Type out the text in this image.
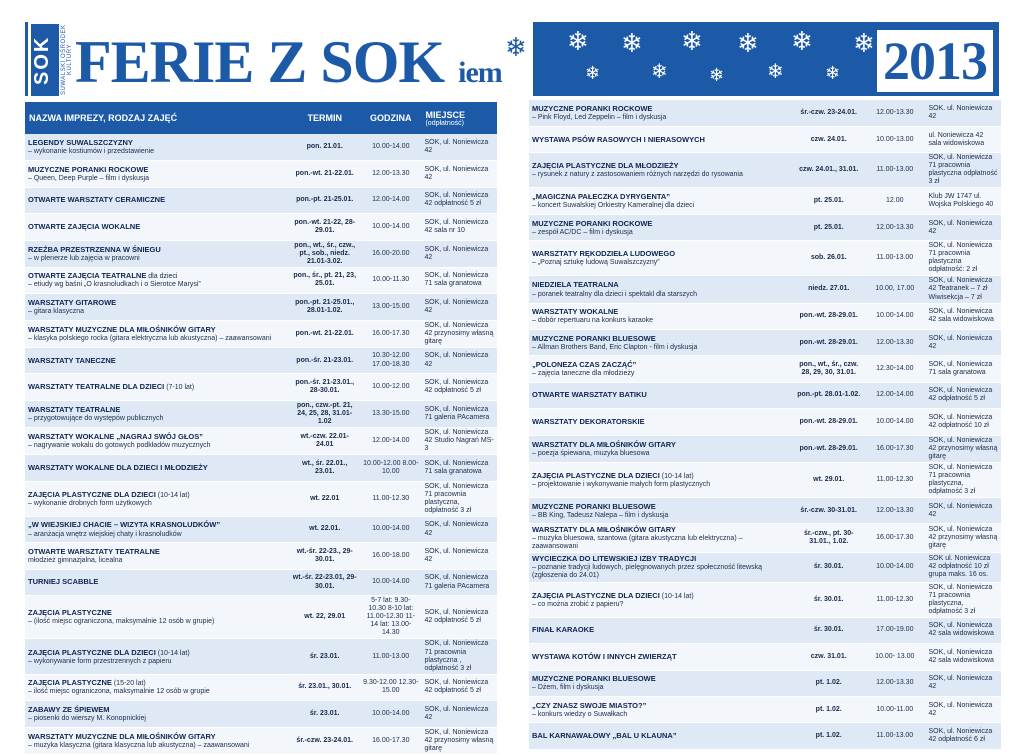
SOK	SUWALSKI OŚRODEK KULTURY FERIE Z SOK iem
❄ ❄
❄
❄
❄
❄
❄
❄
❄
❄
❄
❄ 2013
NAZWA IMPREZY, RODZAJ ZAJĘĆ	TERMIN	GODZINA	MIEJSCE
(odpłatność)

LEGENDY SUWALSZCZYZNY
– wykonanie kostiumów i przedstawienie	pon. 21.01.	10.00-14.00	SOK, ul. Noniewicza 42
MUZYCZNE PORANKI ROCKOWE
– Queen, Deep Purple – film i dyskusja	pon.-wt. 21-22.01.	12.00-13.30	SOK, ul. Noniewicza 42
OTWARTE WARSZTATY CERAMICZNE	pon.-pt. 21-25.01.	12.00-14.00	SOK, ul. Noniewicza 42 odpłatność 5 zł
OTWARTE ZAJĘCIA WOKALNE	pon.-wt. 21-22, 28-29.01.	10.00-14.00	SOK, ul. Noniewicza 42 sala nr 10
RZEŹBA PRZESTRZENNA W ŚNIEGU
– w plenerze lub zajęcia w pracowni	pon., wt., śr., czw., pt., sob., niedz. 21.01-3.02.	16.00-20.00	SOK, ul. Noniewicza 42
OTWARTE ZAJĘCIA TEATRALNE dla dzieci
– etiudy wg baśni „O krasnoludkach i o Sierotce Marysi”	pon., śr., pt. 21, 23, 25.01.	10.00-11.30	SOK, ul. Noniewicza 71 sala granatowa
WARSZTATY GITAROWE
– gitara klasyczna	pon.-pt. 21-25.01., 28.01-1.02.	13.00-15.00	SOK, ul. Noniewicza 42
WARSZTATY MUZYCZNE DLA MIŁOŚNIKÓW GITARY
– klasyka polskiego rocka (gitara elektryczna lub akustyczna) – zaawansowani	pon.-wt. 21-22.01.	16.00-17.30	SOK, ul. Noniewicza 42 przynosimy własną gitarę
WARSZTATY TANECZNE	pon.-śr. 21-23.01.	10.30-12.00 17.00-18.30	SOK, ul. Noniewicza 42
WARSZTATY TEATRALNE DLA DZIECI (7-10 lat)	pon.-śr. 21-23.01., 28-30.01.	10.00-12.00	SOK, ul. Noniewicza 42 odpłatność 5 zł
WARSZTATY TEATRALNE
– przygotowujące do występów publicznych	pon., czw.-pt. 21, 24, 25, 28, 31.01-1.02	13.30-15.00	SOK, ul. Noniewicza 71 galeria PAcamera
WARSZTATY WOKALNE „NAGRAJ SWÓJ GŁOS”
– nagrywanie wokalu do gotowych podkładów muzycznych	wt.-czw. 22.01-24.01	12.00-14.00	SOK, ul. Noniewicza 42 Studio Nagrań MS-3
WARSZTATY WOKALNE DLA DZIECI I MŁODZIEŻY	wt., śr. 22.01., 23.01.	10.00-12.00 8.00-10.00	SOK, ul. Noniewicza 71 sala granatowa
ZAJĘCIA PLASTYCZNE DLA DZIECI (10-14 lat)
– wykonanie drobnych form użytkowych	wt. 22.01	11.00-12.30	SOK, ul. Noniewicza 71 pracownia plastyczna, odpłatność 3 zł
„W WIEJSKIEJ CHACIE – WIZYTA KRASNOLUDKÓW”
– aranżacja wnętrz wiejskiej chaty i krasnoludków	wt. 22.01.	10.00-14.00	SOK, ul. Noniewicza 42
OTWARTE WARSZTATY TEATRALNE
młodzież gimnazjalna, licealna	wt.-śr. 22-23., 29-30.01.	16.00-18.00	SOK, ul. Noniewicza 42
TURNIEJ SCABBLE	wt.-śr. 22-23.01, 29-30.01.	10.00-14.00	SOK, ul. Noniewicza 71 galeria PAcamera
ZAJĘCIA PLASTYCZNE
– (ilość miejsc ograniczona, maksymalnie 12 osób w grupie)	wt. 22, 29.01	5-7 lat: 9.30-10.30 8-10 lat: 11.00-12.30 11-14 lat: 13.00-14.30	SOK, ul. Noniewicza 42 odpłatność 5 zł
ZAJĘCIA PLASTYCZNE DLA DZIECI (10-14 lat)
– wykonywanie form przestrzennych z papieru	śr. 23.01.	11.00-13.00	SOK, ul. Noniewicza 71 pracownia plastyczna , odpłatność 3 zł
ZAJĘCIA PLASTYCZNE (15-20 lat)
– ilość miejsc ograniczona, maksymalnie 12 osób w grupie	śr. 23.01., 30.01.	9.30-12.00 12.30-15.00	SOK, ul. Noniewicza 42 odpłatność 5 zł
ZABAWY ZE ŚPIEWEM
– piosenki do wierszy M. Konopnickiej	śr. 23.01.	10.00-14.00	SOK, ul. Noniewicza 42
WARSZTATY MUZYCZNE DLA MIŁOŚNIKÓW GITARY
– muzyka klasyczna (gitara klasyczna lub akustyczna) – zaawansowani	śr.-czw. 23-24.01.	16.00-17.30	SOK, ul. Noniewicza 42 przynosimy własną gitarę
MUZYCZNE PORANKI ROCKOWE
– Pink Floyd, Led Zeppelin – film i dyskusja	śr.-czw. 23-24.01.	12.00-13.30	SOK. ul. Noniewicza 42
WYSTAWA PSÓW RASOWYCH I NIERASOWYCH	czw. 24.01.	10.00-13.00	ul. Noniewicza 42 sala widowiskowa
ZAJĘCIA PLASTYCZNE DLA MŁODZIEŻY
– rysunek z natury z zastosowaniem różnych narzędzi do rysowania	czw. 24.01., 31.01.	11.00-13.00	SOK, ul. Noniewicza 71 pracownia plastyczna odpłatność 3 zł
„MAGICZNA PAŁECZKA DYRYGENTA”
– koncert Suwalskiej Orkiestry Kameralnej dla dzieci	pt. 25.01.	12.00	Klub JW 1747 ul. Wojska Polskiego 40
MUZYCZNE PORANKI ROCKOWE
– zespół AC/DC – film i dyskusja	pt. 25.01.	12.00-13.30	SOK, ul. Noniewicza 42
WARSZTATY RĘKODZIEŁA LUDOWEGO
– „Poznaj sztukę ludową Suwalszczyzny”	sob. 26.01.	11.00-13.00	SOK, ul. Noniewicza 71 pracownia plastyczna odpłatność: 2 zł
NIEDZIELA TEATRALNA
– poranek teatralny dla dzieci i spektakl dla starszych	niedz. 27.01.	10.00, 17.00	SOK, ul. Noniewicza 42 Teatranek – 7 zł Wiwisekcja – 7 zł
WARSZTATY WOKALNE
– dobór repertuaru na konkurs karaoke	pon.-wt. 28-29.01.	10.00-14.00	SOK, ul. Noniewicza 42 sala widowiskowa
MUZYCZNE PORANKI BLUESOWE
– Allman Brothers Band, Eric Clapton - film i dyskusja	pon.-wt. 28-29.01.	12.00-13.30	SOK, ul. Noniewicza 42
„POLONEZA CZAS ZACZĄĆ”
– zajęcia taneczne dla młodzieży	pon., wt., śr., czw. 28, 29, 30, 31.01.	12.30-14.00	SOK, ul. Noniewicza 71 sala granatowa
OTWARTE WARSZTATY BATIKU	pon.-pt. 28.01-1.02.	12.00-14.00	SOK, ul. Noniewicza 42 odpłatność 5 zł
WARSZTATY DEKORATORSKIE	pon.-wt. 28-29.01.	10.00-14.00	SOK, ul. Noniewicza 42 odpłatność 10 zł
WARSZTATY DLA MIŁOŚNIKÓW GITARY
– poezja śpiewana, muzyka bluesowa	pon.-wt. 28-29.01.	16.00-17.30	SOK, ul. Noniewicza 42 przynosimy własną gitarę
ZAJĘCIA PLASTYCZNE DLA DZIECI (10-14 lat)
– projektowanie i wykonywanie małych form plastycznych	wt. 29.01.	11.00-12.30	SOK, ul. Noniewicza 71 pracownia plastyczna, odpłatność 3 zł
MUZYCZNE PORANKI BLUESOWE
– BB King, Tadeusz Nalepa – film i dyskusja	śr.-czw. 30-31.01.	12.00-13.30	SOK, ul. Noniewicza 42
WARSZTATY DLA MIŁOŚNIKÓW GITARY
– muzyka bluesowa, szantowa (gitara akustyczna lub elektryczna) – zaawansowani	śr.-czw., pt. 30-31.01., 1.02.	16.00-17.30	SOK, ul. Noniewicza 42 przynosimy własną gitarę
WYCIECZKA DO LITEWSKIEJ IZBY TRADYCJI
– poznanie tradycji ludowych, pielęgnowanych przez społeczność litewską (zgłoszenia do 24.01)	śr. 30.01.	10.00-14.00	SOK ul. Noniewicza 42 odpłatność 10 zł grupa maks. 16 os.
ZAJĘCIA PLASTYCZNE DLA DZIECI (10-14 lat)
– co można zrobić z papieru?	śr. 30.01.	11.00-12.30	SOK, ul. Noniewicza 71 pracownia plastyczna, odpłatność 3 zł
FINAŁ KARAOKE	śr. 30.01.	17.00-19.00	SOK, ul. Noniewicza 42 sala widowiskowa
WYSTAWA KOTÓW I INNYCH ZWIERZĄT	czw. 31.01.	10.00- 13.00	SOK, ul. Noniewicza 42 sala widowiskowa
MUZYCZNE PORANKI BLUESOWE
– Dżem, film i dyskusja	pt. 1.02.	12.00-13.30	SOK, ul. Noniewicza 42
„CZY ZNASZ SWOJE MIASTO?”
– konkurs wiedzy o Suwałkach	pt. 1.02.	10.00-11.00	SOK, ul. Noniewicza 42
BAL KARNAWAŁOWY „BAL U KLAUNA”	pt. 1.02.	11.00-13.00	SOK, ul. Noniewicza 42 odpłatność 6 zł
